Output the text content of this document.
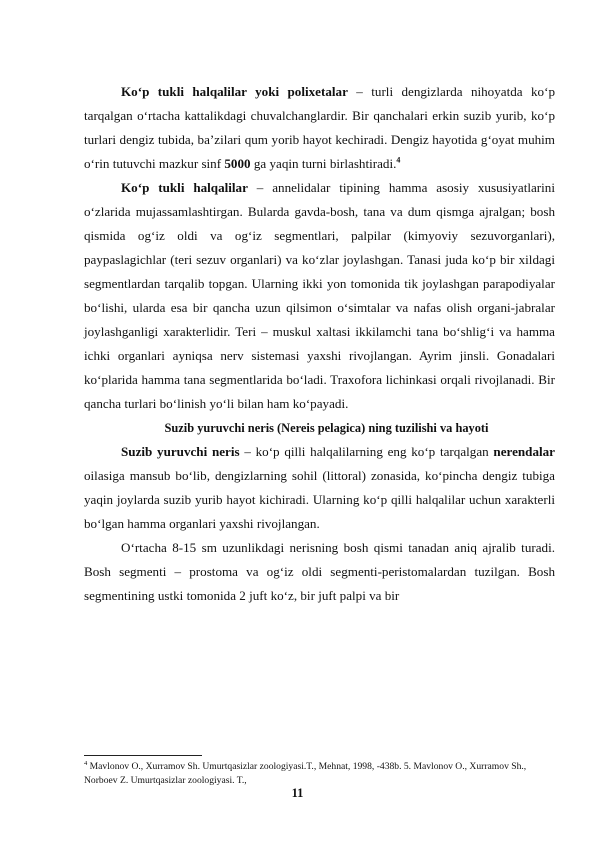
Ko‘p tukli halqalilar yoki polixetalar – turli dengizlarda nihoyatda ko‘p tarqalgan o‘rtacha kattalikdagi chuvalchanglardir. Bir qanchalari erkin suzib yurib, ko‘p turlari dengiz tubida, ba’zilari qum yorib hayot kechiradi. Dengiz hayotida g‘oyat muhim o‘rin tutuvchi mazkur sinf 5000 ga yaqin turni birlashtiradi.$^4$

Ko‘p tukli halqalilar – annelidalar tipining hamma asosiy xususiyatlarini o‘zlarida mujassamlashtirgan. Bularda gavda-bosh, tana va dum qismga ajralgan; bosh qismida og‘iz oldi va og‘iz segmentlari, palpilar (kimyoviy sezuvorganlari), paypaslagichlar (teri sezuv organlari) va ko‘zlar joylashgan. Tanasi juda ko‘p bir xildagi segmentlardan tarqalib topgan. Ularning ikki yon tomonida tik joylashgan parapodiyalar bo‘lishi, ularda esa bir qancha uzun qilsimon o‘simtalar va nafas olish organi-jabralar joylashganligi xarakterlidir. Teri – muskul xaltasi ikkilamchi tana bo‘shlig‘i va hamma ichki organlari ayniqsa nerv sistemasi yaxshi rivojlangan. Ayrim jinsli. Gonadalari ko‘plarida hamma tana segmentlarida bo‘ladi. Traxofora lichinkasi orqali rivojlanadi. Bir qancha turlari bo‘linish yo‘li bilan ham ko‘payadi.

Suzib yuruvchi neris (Nereis pelagica) ning tuzilishi va hayoti

Suzib yuruvchi neris – ko‘p qilli halqalilarning eng ko‘p tarqalgan nerendalar oilasiga mansub bo‘lib, dengizlarning sohil (littoral) zonasida, ko‘pincha dengiz tubiga yaqin joylarda suzib yurib hayot kichiradi. Ularning ko‘p qilli halqalilar uchun xarakterli bo‘lgan hamma organlari yaxshi rivojlangan.

O‘rtacha 8-15 sm uzunlikdagi nerisning bosh qismi tanadan aniq ajralib turadi. Bosh segmenti – prostoma va og‘iz oldi segmenti-peristomalardan tuzilgan. Bosh segmentining ustki tomonida 2 juft ko‘z, bir juft palpi va bir

$^4$ Mavlonov O., Xurramov Sh. Umurtqasizlar zoologiyasi.T., Mehnat, 1998, -438b. 5. Mavlonov O., Xurramov Sh.,
Norboev Z. Umurtqasizlar zoologiyasi. T.,
11
